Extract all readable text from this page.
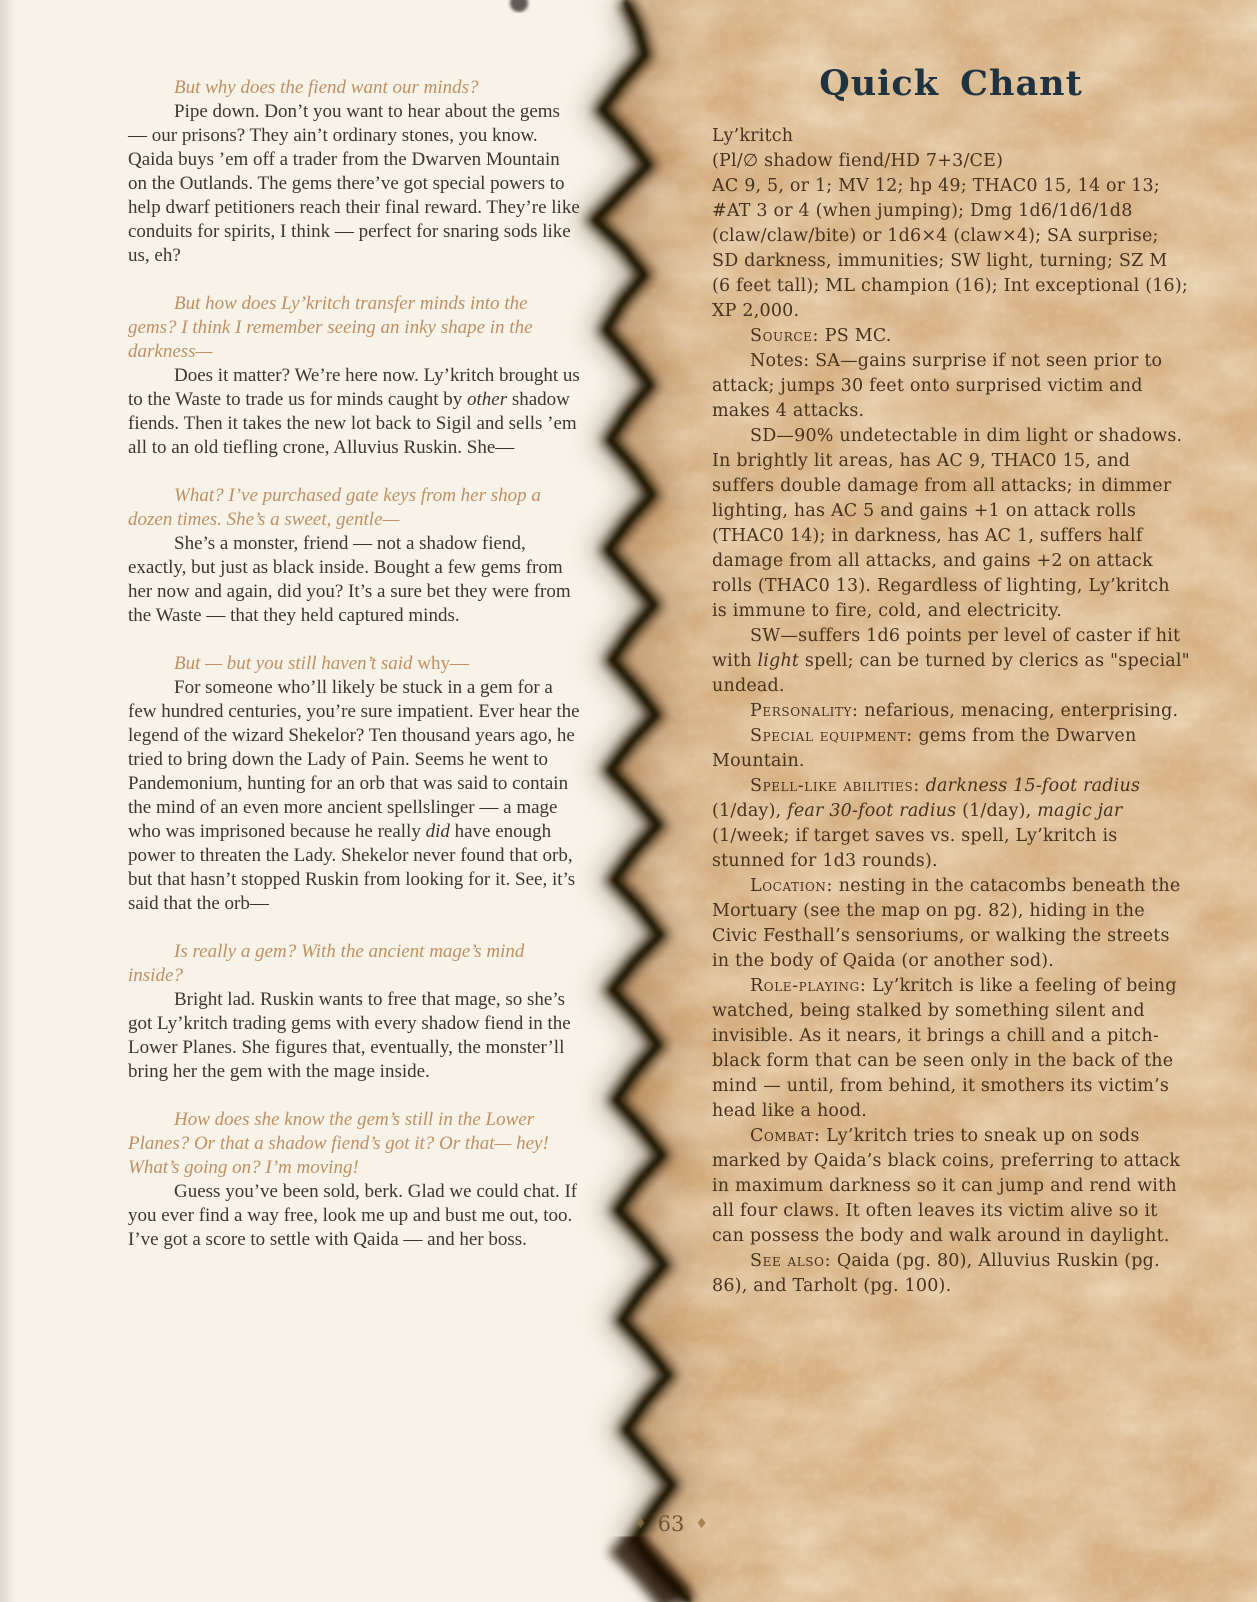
But why does the fiend want our minds?

Pipe down. Don’t you want to hear about the gems — our prisons? They ain’t ordinary stones, you know. Qaida buys ’em off a trader from the Dwarven Mountain on the Outlands. The gems there’ve got special powers to help dwarf petitioners reach their final reward. They’re like conduits for spirits, I think — perfect for snaring sods like us, eh?

But how does Ly’kritch transfer minds into the gems? I think I remember seeing an inky shape in the darkness—

Does it matter? We’re here now. Ly’kritch brought us to the Waste to trade us for minds caught by other shadow fiends. Then it takes the new lot back to Sigil and sells ’em all to an old tiefling crone, Alluvius Ruskin. She—

What? I’ve purchased gate keys from her shop a dozen times. She’s a sweet, gentle—

She’s a monster, friend — not a shadow fiend, exactly, but just as black inside. Bought a few gems from her now and again, did you? It’s a sure bet they were from the Waste — that they held captured minds.

But — but you still haven’t said why—

For someone who’ll likely be stuck in a gem for a few hundred centuries, you’re sure impatient. Ever hear the legend of the wizard Shekelor? Ten thousand years ago, he tried to bring down the Lady of Pain. Seems he went to Pandemonium, hunting for an orb that was said to contain the mind of an even more ancient spellslinger — a mage who was imprisoned because he really did have enough power to threaten the Lady. Shekelor never found that orb, but that hasn’t stopped Ruskin from looking for it. See, it’s said that the orb—

Is really a gem? With the ancient mage’s mind inside?

Bright lad. Ruskin wants to free that mage, so she’s got Ly’kritch trading gems with every shadow fiend in the Lower Planes. She figures that, eventually, the monster’ll bring her the gem with the mage inside.

How does she know the gem’s still in the Lower Planes? Or that a shadow fiend’s got it? Or that— hey! What’s going on? I’m moving!

Guess you’ve been sold, berk. Glad we could chat. If you ever find a way free, look me up and bust me out, too. I’ve got a score to settle with Qaida — and her boss.

Quick Chant

Ly’kritch

(Pl/∅ shadow fiend/HD 7+3/CE)

AC 9, 5, or 1; MV 12; hp 49; THAC0 15, 14 or 13; #AT 3 or 4 (when jumping); Dmg 1d6/1d6/1d8 (claw/claw/bite) or 1d6×4 (claw×4); SA surprise; SD darkness, immunities; SW light, turning; SZ M (6 feet tall); ML champion (16); Int exceptional (16); XP 2,000.

Source: PS MC.

Notes: SA—gains surprise if not seen prior to attack; jumps 30 feet onto surprised victim and makes 4 attacks.

SD—90% undetectable in dim light or shadows. In brightly lit areas, has AC 9, THAC0 15, and suffers double damage from all attacks; in dimmer lighting, has AC 5 and gains +1 on attack rolls (THAC0 14); in darkness, has AC 1, suffers half damage from all attacks, and gains +2 on attack rolls (THAC0 13). Regardless of lighting, Ly’kritch is immune to fire, cold, and electricity.

SW—suffers 1d6 points per level of caster if hit with light spell; can be turned by clerics as "special" undead.

Personality: nefarious, menacing, enterprising.

Special equipment: gems from the Dwarven Mountain.

Spell-like abilities: darkness 15-foot radius (1/day), fear 30-foot radius (1/day), magic jar (1/week; if target saves vs. spell, Ly’kritch is stunned for 1d3 rounds).

Location: nesting in the catacombs beneath the Mortuary (see the map on pg. 82), hiding in the Civic Festhall’s sensoriums, or walking the streets in the body of Qaida (or another sod).

Role-playing: Ly’kritch is like a feeling of being watched, being stalked by something silent and invisible. As it nears, it brings a chill and a pitch-black form that can be seen only in the back of the mind — until, from behind, it smothers its victim’s head like a hood.

Combat: Ly’kritch tries to sneak up on sods marked by Qaida’s black coins, preferring to attack in maximum darkness so it can jump and rend with all four claws. It often leaves its victim alive so it can possess the body and walk around in daylight.

See also: Qaida (pg. 80), Alluvius Ruskin (pg. 86), and Tarholt (pg. 100).

♦ 63 ♦
